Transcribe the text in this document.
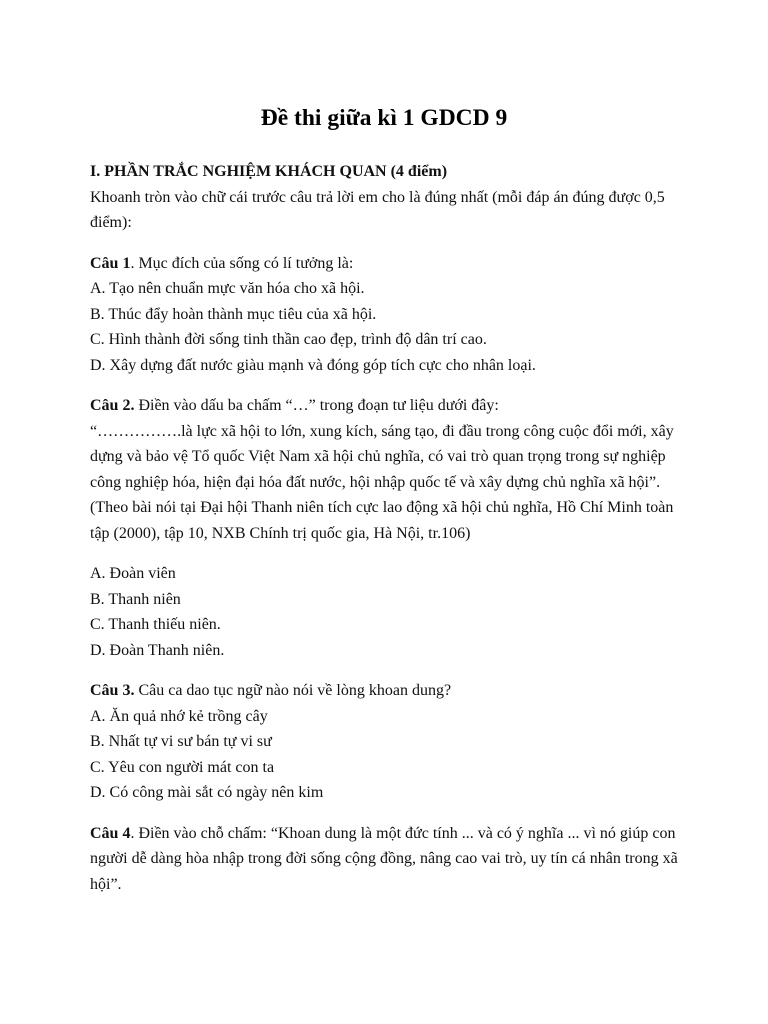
Đề thi giữa kì 1 GDCD 9
I. PHẦN TRẮC NGHIỆM KHÁCH QUAN (4 điểm)

Khoanh tròn vào chữ cái trước câu trả lời em cho là đúng nhất (mỗi đáp án đúng được 0,5 điểm):

Câu 1. Mục đích của sống có lí tưởng là:

A. Tạo nên chuẩn mực văn hóa cho xã hội.

B. Thúc đẩy hoàn thành mục tiêu của xã hội.

C. Hình thành đời sống tinh thần cao đẹp, trình độ dân trí cao.

D. Xây dựng đất nước giàu mạnh và đóng góp tích cực cho nhân loại.

Câu 2. Điền vào dấu ba chấm “…” trong đoạn tư liệu dưới đây:

“…………….là lực xã hội to lớn, xung kích, sáng tạo, đi đầu trong công cuộc đổi mới, xây dựng và bảo vệ Tổ quốc Việt Nam xã hội chủ nghĩa, có vai trò quan trọng trong sự nghiệp công nghiệp hóa, hiện đại hóa đất nước, hội nhập quốc tế và xây dựng chủ nghĩa xã hội”.

(Theo bài nói tại Đại hội Thanh niên tích cực lao động xã hội chủ nghĩa, Hồ Chí Minh toàn tập (2000), tập 10, NXB Chính trị quốc gia, Hà Nội, tr.106)

A. Đoàn viên

B. Thanh niên

C. Thanh thiếu niên.

D. Đoàn Thanh niên.

Câu 3. Câu ca dao tục ngữ nào nói về lòng khoan dung?

A. Ăn quả nhớ kẻ trồng cây

B. Nhất tự vi sư bán tự vi sư

C. Yêu con người mát con ta

D. Có công mài sắt có ngày nên kim

Câu 4. Điền vào chỗ chấm: “Khoan dung là một đức tính ... và có ý nghĩa ... vì nó giúp con người dễ dàng hòa nhập trong đời sống cộng đồng, nâng cao vai trò, uy tín cá nhân trong xã hội”.
